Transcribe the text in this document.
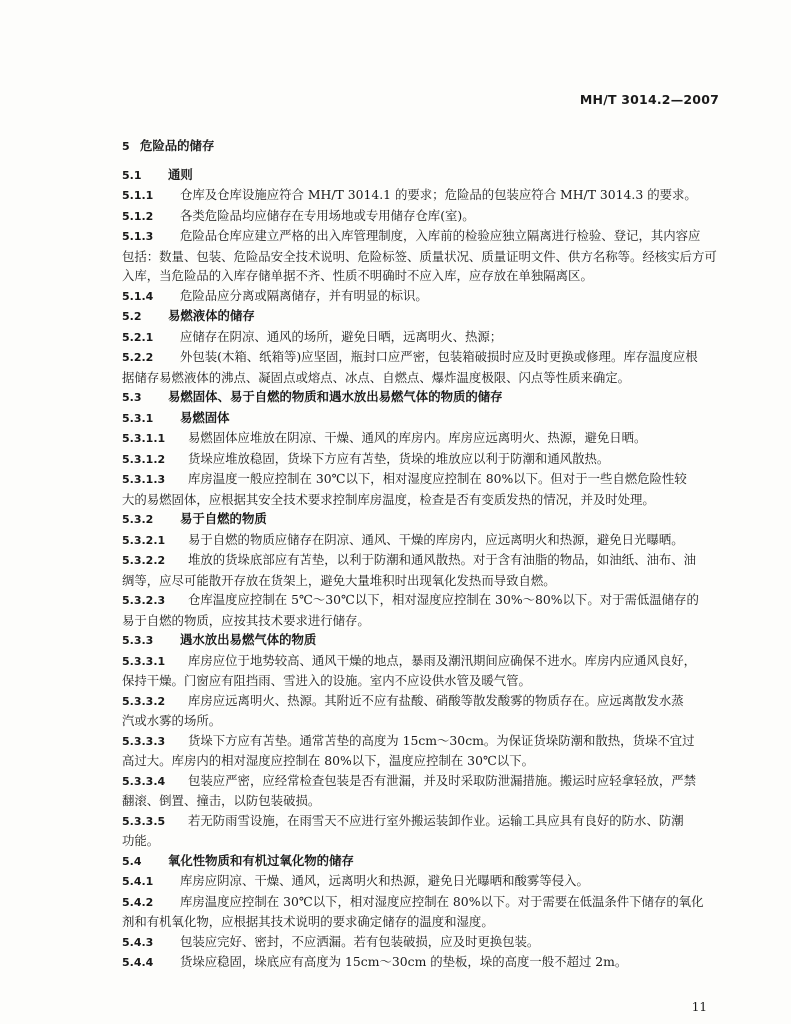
MH/T 3014.2—2007
5 危险品的储存
5.1 通则
5.1.1 仓库及仓库设施应符合 MH/T 3014.1 的要求；危险品的包装应符合 MH/T 3014.3 的要求。
5.1.2 各类危险品均应储存在专用场地或专用储存仓库(室)。
5.1.3 危险品仓库应建立严格的出入库管理制度，入库前的检验应独立隔离进行检验、登记，其内容应
包括：数量、包装、危险品安全技术说明、危险标签、质量状况、质量证明文件、供方名称等。经核实后方可
入库，当危险品的入库存储单据不齐、性质不明确时不应入库，应存放在单独隔离区。
5.1.4 危险品应分离或隔离储存，并有明显的标识。
5.2 易燃液体的储存
5.2.1 应储存在阴凉、通风的场所，避免日晒，远离明火、热源；
5.2.2 外包装(木箱、纸箱等)应坚固，瓶封口应严密，包装箱破损时应及时更换或修理。库存温度应根
据储存易燃液体的沸点、凝固点或熔点、冰点、自燃点、爆炸温度极限、闪点等性质来确定。
5.3 易燃固体、易于自燃的物质和遇水放出易燃气体的物质的储存
5.3.1 易燃固体
5.3.1.1 易燃固体应堆放在阴凉、干燥、通风的库房内。库房应远离明火、热源，避免日晒。
5.3.1.2 货垛应堆放稳固，货垛下方应有苫垫，货垛的堆放应以利于防潮和通风散热。
5.3.1.3 库房温度一般应控制在 30℃以下，相对湿度应控制在 80%以下。但对于一些自燃危险性较
大的易燃固体，应根据其安全技术要求控制库房温度，检查是否有变质发热的情况，并及时处理。
5.3.2 易于自燃的物质
5.3.2.1 易于自燃的物质应储存在阴凉、通风、干燥的库房内，应远离明火和热源，避免日光曝晒。
5.3.2.2 堆放的货垛底部应有苫垫，以利于防潮和通风散热。对于含有油脂的物品，如油纸、油布、油
绸等，应尽可能散开存放在货架上，避免大量堆积时出现氧化发热而导致自燃。
5.3.2.3 仓库温度应控制在 5℃～30℃以下，相对湿度应控制在 30%～80%以下。对于需低温储存的
易于自燃的物质，应按其技术要求进行储存。
5.3.3 遇水放出易燃气体的物质
5.3.3.1 库房应位于地势较高、通风干燥的地点，暴雨及潮汛期间应确保不进水。库房内应通风良好，
保持干燥。门窗应有阻挡雨、雪进入的设施。室内不应设供水管及暖气管。
5.3.3.2 库房应远离明火、热源。其附近不应有盐酸、硝酸等散发酸雾的物质存在。应远离散发水蒸
汽或水雾的场所。
5.3.3.3 货垛下方应有苫垫。通常苫垫的高度为 15cm～30cm。为保证货垛防潮和散热，货垛不宜过
高过大。库房内的相对湿度应控制在 80%以下，温度应控制在 30℃以下。
5.3.3.4 包装应严密，应经常检查包装是否有泄漏，并及时采取防泄漏措施。搬运时应轻拿轻放，严禁
翻滚、倒置、撞击，以防包装破损。
5.3.3.5 若无防雨雪设施，在雨雪天不应进行室外搬运装卸作业。运输工具应具有良好的防水、防潮
功能。
5.4 氧化性物质和有机过氧化物的储存
5.4.1 库房应阴凉、干燥、通风，远离明火和热源，避免日光曝晒和酸雾等侵入。
5.4.2 库房温度应控制在 30℃以下，相对湿度应控制在 80%以下。对于需要在低温条件下储存的氧化
剂和有机氧化物，应根据其技术说明的要求确定储存的温度和湿度。
5.4.3 包装应完好、密封，不应洒漏。若有包装破损，应及时更换包装。
5.4.4 货垛应稳固，垛底应有高度为 15cm～30cm 的垫板，垛的高度一般不超过 2m。
11
